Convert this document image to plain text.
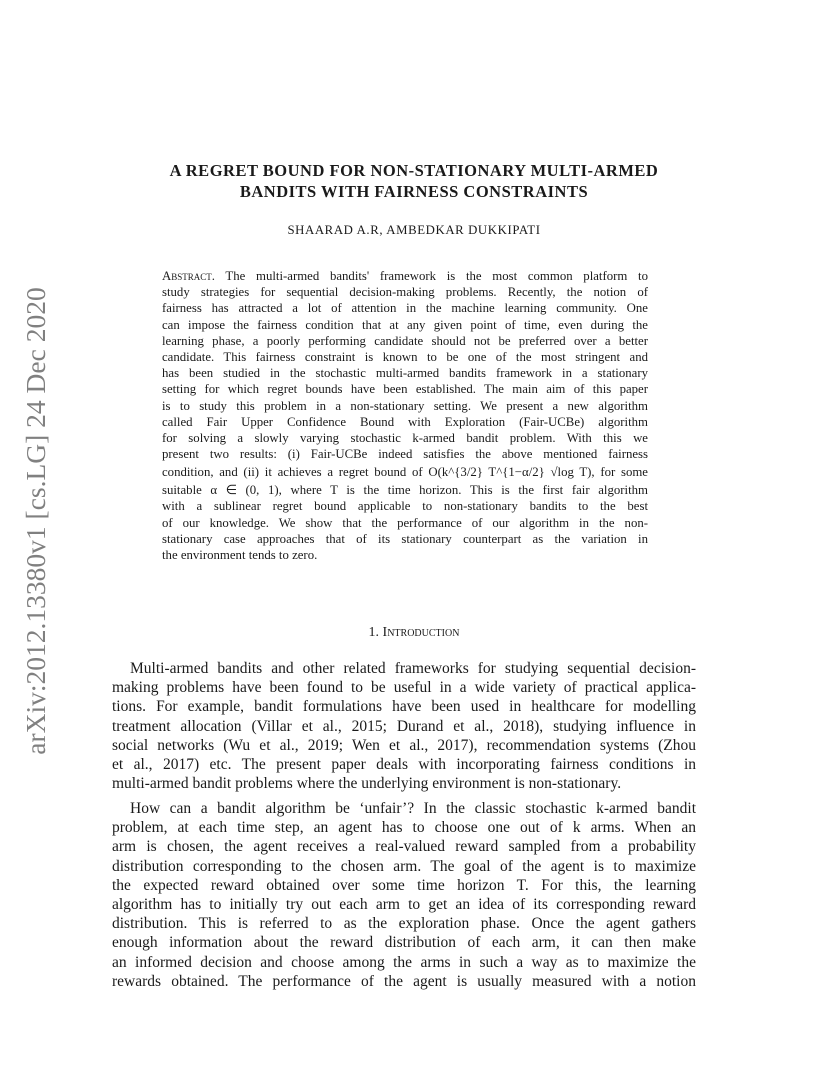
arXiv:2012.13380v1 [cs.LG] 24 Dec 2020
A REGRET BOUND FOR NON-STATIONARY MULTI-ARMED
BANDITS WITH FAIRNESS CONSTRAINTS
SHAARAD A.R, AMBEDKAR DUKKIPATI
Abstract. The multi-armed bandits' framework is the most common platform to
study strategies for sequential decision-making problems. Recently, the notion of
fairness has attracted a lot of attention in the machine learning community. One
can impose the fairness condition that at any given point of time, even during the
learning phase, a poorly performing candidate should not be preferred over a better
candidate. This fairness constraint is known to be one of the most stringent and
has been studied in the stochastic multi-armed bandits framework in a stationary
setting for which regret bounds have been established. The main aim of this paper
is to study this problem in a non-stationary setting. We present a new algorithm
called Fair Upper Confidence Bound with Exploration (Fair-UCBe) algorithm
for solving a slowly varying stochastic k-armed bandit problem. With this we
present two results: (i) Fair-UCBe indeed satisfies the above mentioned fairness
condition, and (ii) it achieves a regret bound of O(k^{3/2} T^{1−α/2} √log T), for some
suitable α ∈ (0, 1), where T is the time horizon. This is the first fair algorithm
with a sublinear regret bound applicable to non-stationary bandits to the best
of our knowledge. We show that the performance of our algorithm in the non-
stationary case approaches that of its stationary counterpart as the variation in
the environment tends to zero.
1. Introduction
Multi-armed bandits and other related frameworks for studying sequential decision-
making problems have been found to be useful in a wide variety of practical applica-
tions. For example, bandit formulations have been used in healthcare for modelling
treatment allocation (Villar et al., 2015; Durand et al., 2018), studying influence in
social networks (Wu et al., 2019; Wen et al., 2017), recommendation systems (Zhou
et al., 2017) etc. The present paper deals with incorporating fairness conditions in
multi-armed bandit problems where the underlying environment is non-stationary.
How can a bandit algorithm be ‘unfair’? In the classic stochastic k-armed bandit
problem, at each time step, an agent has to choose one out of k arms. When an
arm is chosen, the agent receives a real-valued reward sampled from a probability
distribution corresponding to the chosen arm. The goal of the agent is to maximize
the expected reward obtained over some time horizon T. For this, the learning
algorithm has to initially try out each arm to get an idea of its corresponding reward
distribution. This is referred to as the exploration phase. Once the agent gathers
enough information about the reward distribution of each arm, it can then make
an informed decision and choose among the arms in such a way as to maximize the
rewards obtained. The performance of the agent is usually measured with a notion
